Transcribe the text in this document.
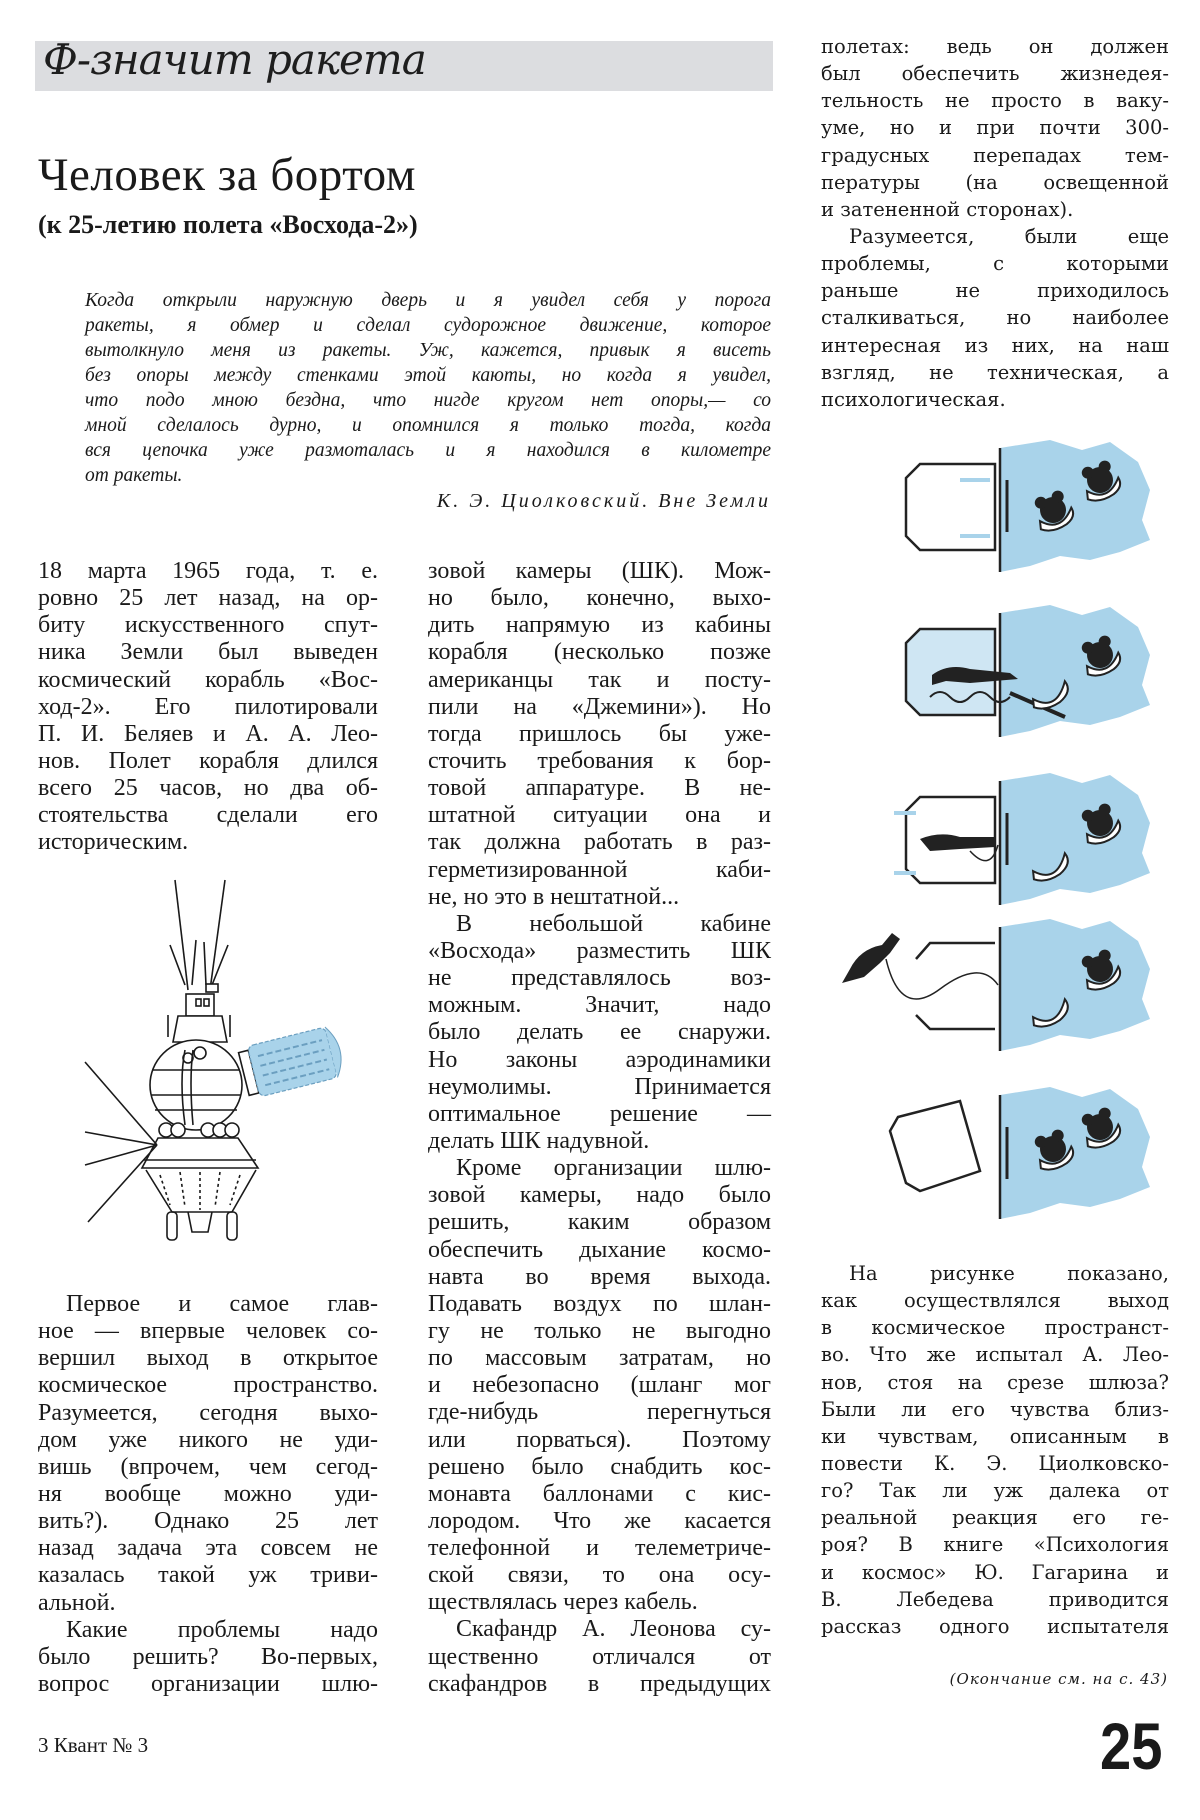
Ф-значит ракета
Человек за бортом
(к 25-летию полета «Восхода-2»)
Когда открыли наружную дверь и я увидел себя у порога
ракеты, я обмер и сделал судорожное движение, которое
вытолкнуло меня из ракеты. Уж, кажется, привык я висеть
без опоры между стенками этой каюты, но когда я увидел,
что подо мною бездна, что нигде кругом нет опоры,— со
мной сделалось дурно, и опомнился я только тогда, когда
вся цепочка уже размоталась и я находился в километре
от ракеты.
К. Э. Циолковский. Вне Земли
18 марта 1965 года, т. е.
ровно 25 лет назад, на ор-
биту искусственного спут-
ника Земли был выведен
космический корабль «Вос-
ход-2». Его пилотировали
П. И. Беляев и А. А. Лео-
нов. Полет корабля длился
всего 25 часов, но два об-
стоятельства сделали его
историческим.
Первое и самое глав-
ное — впервые человек со-
вершил выход в открытое
космическое пространство.
Разумеется, сегодня выхо-
дом уже никого не уди-
вишь (впрочем, чем сегод-
ня вообще можно уди-
вить?). Однако 25 лет
назад задача эта совсем не
казалась такой уж триви-
альной.
Какие проблемы надо
было решить? Во-первых,
вопрос организации шлю-
зовой камеры (ШК). Мож-
но было, конечно, выхо-
дить напрямую из кабины
корабля (несколько позже
американцы так и посту-
пили на «Джемини»). Но
тогда пришлось бы уже-
сточить требования к бор-
товой аппаратуре. В не-
штатной ситуации она и
так должна работать в раз-
герметизированной каби-
не, но это в нештатной...
В небольшой кабине
«Восхода» разместить ШК
не представлялось воз-
можным. Значит, надо
было делать ее снаружи.
Но законы аэродинамики
неумолимы. Принимается
оптимальное решение —
делать ШК надувной.
Кроме организации шлю-
зовой камеры, надо было
решить, каким образом
обеспечить дыхание космо-
навта во время выхода.
Подавать воздух по шлан-
гу не только не выгодно
по массовым затратам, но
и небезопасно (шланг мог
где-нибудь перегнуться
или порваться). Поэтому
решено было снабдить кос-
монавта баллонами с кис-
лородом. Что же касается
телефонной и телеметриче-
ской связи, то она осу-
ществлялась через кабель.
Скафандр А. Леонова су-
щественно отличался от
скафандров в предыдущих
полетах: ведь он должен
был обеспечить жизнедея-
тельность не просто в ваку-
уме, но и при почти 300-
градусных перепадах тем-
пературы (на освещенной
и затененной сторонах).
Разумеется, были еще
проблемы, с которыми
раньше не приходилось
сталкиваться, но наиболее
интересная из них, на наш
взгляд, не техническая, а
психологическая.
На рисунке показано,
как осуществлялся выход
в космическое пространст-
во. Что же испытал А. Лео-
нов, стоя на срезе шлюза?
Были ли его чувства близ-
ки чувствам, описанным в
повести К. Э. Циолковско-
го? Так ли уж далека от
реальной реакция его ге-
роя? В книге «Психология
и космос» Ю. Гагарина и
В. Лебедева приводится
рассказ одного испытателя
(Окончание см. на с. 43)
3 Квант № 3	25
